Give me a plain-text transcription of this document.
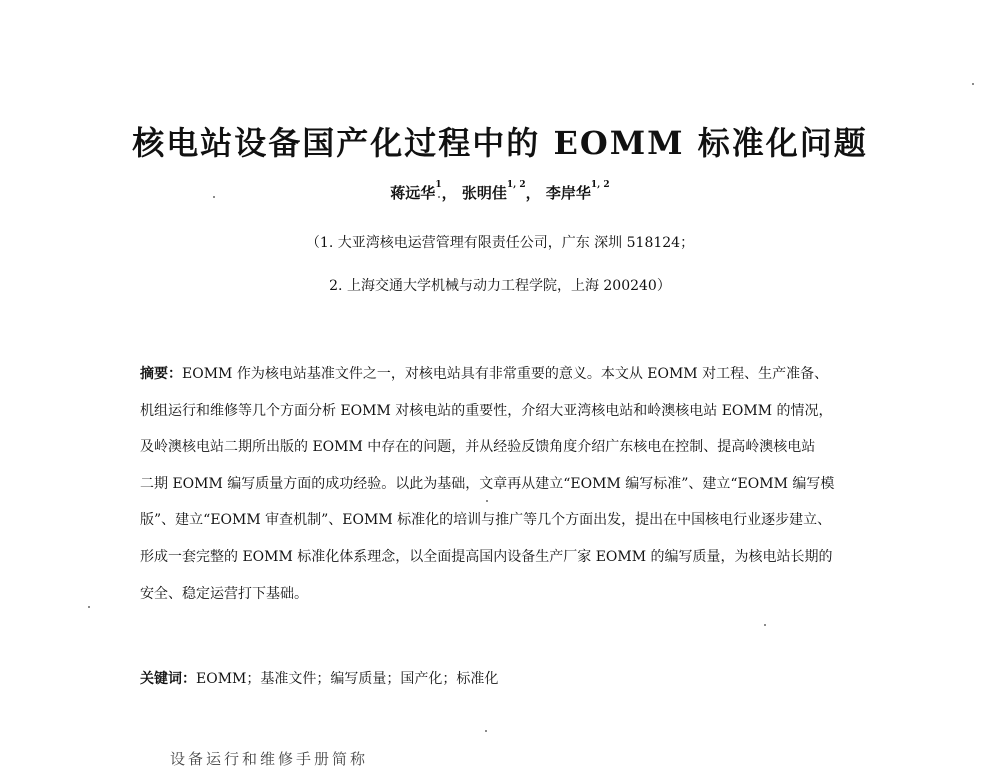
核电站设备国产化过程中的 EOMM 标准化问题
蒋远华$^1$， 张明佳$^{1, 2}$， 李岸华$^{1, 2}$
（1. 大亚湾核电运营管理有限责任公司，广东 深圳 518124；
2. 上海交通大学机械与动力工程学院，上海 200240）
摘要：EOMM 作为核电站基准文件之一，对核电站具有非常重要的意义。本文从 EOMM 对工程、生产准备、
机组运行和维修等几个方面分析 EOMM 对核电站的重要性，介绍大亚湾核电站和岭澳核电站 EOMM 的情况，
及岭澳核电站二期所出版的 EOMM 中存在的问题，并从经验反馈角度介绍广东核电在控制、提高岭澳核电站
二期 EOMM 编写质量方面的成功经验。以此为基础，文章再从建立“EOMM 编写标准”、建立“EOMM 编写模
版”、建立“EOMM 审查机制”、EOMM 标准化的培训与推广等几个方面出发，提出在中国核电行业逐步建立、
形成一套完整的 EOMM 标准化体系理念，以全面提高国内设备生产厂家 EOMM 的编写质量，为核电站长期的
安全、稳定运营打下基础。
关键词：EOMM；基准文件；编写质量；国产化；标准化
设备运行和维修手册简称
